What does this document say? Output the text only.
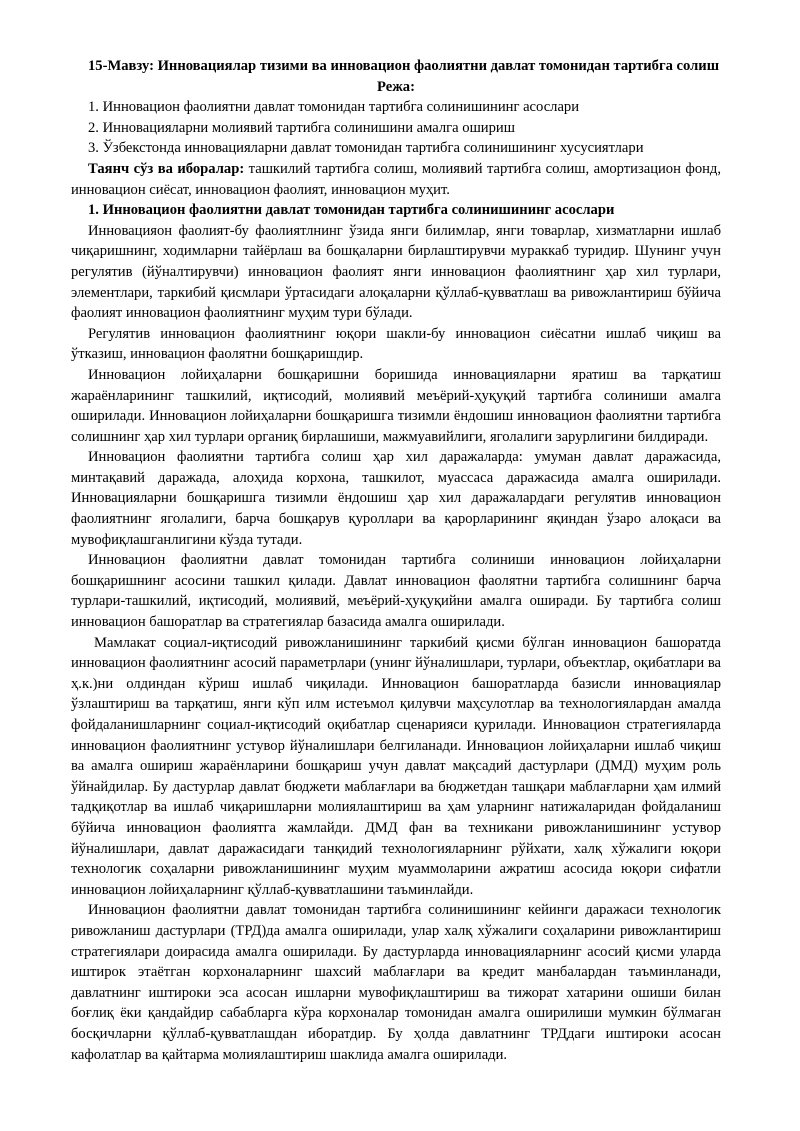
15-Мавзу: Инновациялар тизими ва инновацион фаолиятни давлат томонидан тартибга солиш

Режа:

1. Инновацион фаолиятни давлат томонидан тартибга солинишининг асослари

2. Инновацияларни молиявий тартибга солинишини амалга ошириш

3. Ўзбекстонда инновацияларни давлат томонидан тартибга солинишининг хусусиятлари

Таянч сўз ва иборалар: ташкилий тартибга солиш, молиявий тартибга солиш, амортизацион фонд, инновацион сиёсат, инновацион фаолият, инновацион муҳит.

1. Инновацион фаолиятни давлат томонидан тартибга солинишининг асослари

Инновацияон фаолият-бу фаолиятлнинг ўзида янги билимлар, янги товарлар, хизматларни ишлаб чиқаришнинг, ходимларни тайёрлаш ва бошқаларни бирлаштирувчи мураккаб туридир. Шунинг учун регулятив (йўналтирувчи) инновацион фаолият янги инновацион фаолиятнинг ҳар хил турлари, элементлари, таркибий қисмлари ўртасидаги алоқаларни қўллаб-қувватлаш ва ривожлантириш бўйича фаолият инновацион фаолиятнинг муҳим тури бўлади.

Регулятив инновацион фаолиятнинг юқори шакли-бу инновацион сиёсатни ишлаб чиқиш ва ўтказиш, инновацион фаолятни бошқаришдир.

Инновацион лойиҳаларни бошқаришни боришида инновацияларни яратиш ва тарқатиш жараёнларининг ташкилий, иқтисодий, молиявий меъёрий-ҳуқуқий тартибга солиниши амалга оширилади. Инновацион лойиҳаларни бошқаришга тизимли ёндошиш инновацион фаолиятни тартибга солишнинг ҳар хил турлари органиқ бирлашиши, мажмуавийлиги, яголалиги зарурлигини билдиради.

Инновацион фаолиятни тартибга солиш ҳар хил даражаларда: умуман давлат даражасида, минтақавий даражада, алоҳида корхона, ташкилот, муассаса даражасида амалга оширилади. Инновацияларни бошқаришга тизимли ёндошиш ҳар хил даражалардаги регулятив инновацион фаолиятнинг яголалиги, барча бошқарув қуроллари ва қарорларининг яқиндан ўзаро алоқаси ва мувофиқлашганлигини кўзда тутади.

Инновацион фаолиятни давлат томонидан тартибга солиниши инновацион лойиҳаларни бошқаришнинг асосини ташкил қилади. Давлат инновацион фаолятни тартибга солишнинг барча турлари-ташкилий, иқтисодий, молиявий, меъёрий-ҳуқуқийни амалга оширади. Бу тартибга солиш инновацион башоратлар ва стратегиялар базасида амалга оширилади.

Мамлакат социал-иқтисодий ривожланишининг таркибий қисми бўлган инновацион башоратда инновацион фаолиятнинг асосий параметрлари (унинг йўналишлари, турлари, объектлар, оқибатлари ва ҳ.к.)ни олдиндан кўриш ишлаб чиқилади. Инновацион башоратларда базисли инновациялар ўзлаштириш ва тарқатиш, янги кўп илм истеъмол қилувчи маҳсулотлар ва технологиялардан амалда фойдаланишларнинг социал-иқтисодий оқибатлар сценарияси қурилади. Инновацион стратегияларда инновацион фаолиятнинг устувор йўналишлари белгиланади. Инновацион лойиҳаларни ишлаб чиқиш ва амалга ошириш жараёнларини бошқариш учун давлат мақсадий дастурлари (ДМД) муҳим роль ўйнайдилар. Бу дастурлар давлат бюджети маблағлари ва бюджетдан ташқари маблағларни ҳам илмий тадқиқотлар ва ишлаб чиқаришларни молиялаштириш ва ҳам уларнинг натижаларидан фойдаланиш бўйича инновацион фаолиятга жамлайди. ДМД фан ва техникани ривожланишининг устувор йўналишлари, давлат даражасидаги танқидий технологияларнинг рўйхати, халқ хўжалиги юқори технологик соҳаларни ривожланишининг муҳим муаммоларини ажратиш асосида юқори сифатли инновацион лойиҳаларнинг қўллаб-қувватлашини таъминлайди.

Инновацион фаолиятни давлат томонидан тартибга солинишининг кейинги даражаси технологик ривожланиш дастурлари (ТРД)да амалга оширилади, улар халқ хўжалиги соҳаларини ривожлантириш стратегиялари доирасида амалга оширилади. Бу дастурларда инновацияларнинг асосий қисми уларда иштирок этаётган корхоналарнинг шахсий маблағлари ва кредит манбалардан таъминланади, давлатнинг иштироки эса асосан ишларни мувофиқлаштириш ва тижорат хатарини ошиши билан боғлиқ ёки қандайдир сабабларга кўра корхоналар томонидан амалга оширилиши мумкин бўлмаган босқичларни қўллаб-қувватлашдан иборатдир. Бу ҳолда давлатнинг ТРДдаги иштироки асосан кафолатлар ва қайтарма молиялаштириш шаклида амалга оширилади.
